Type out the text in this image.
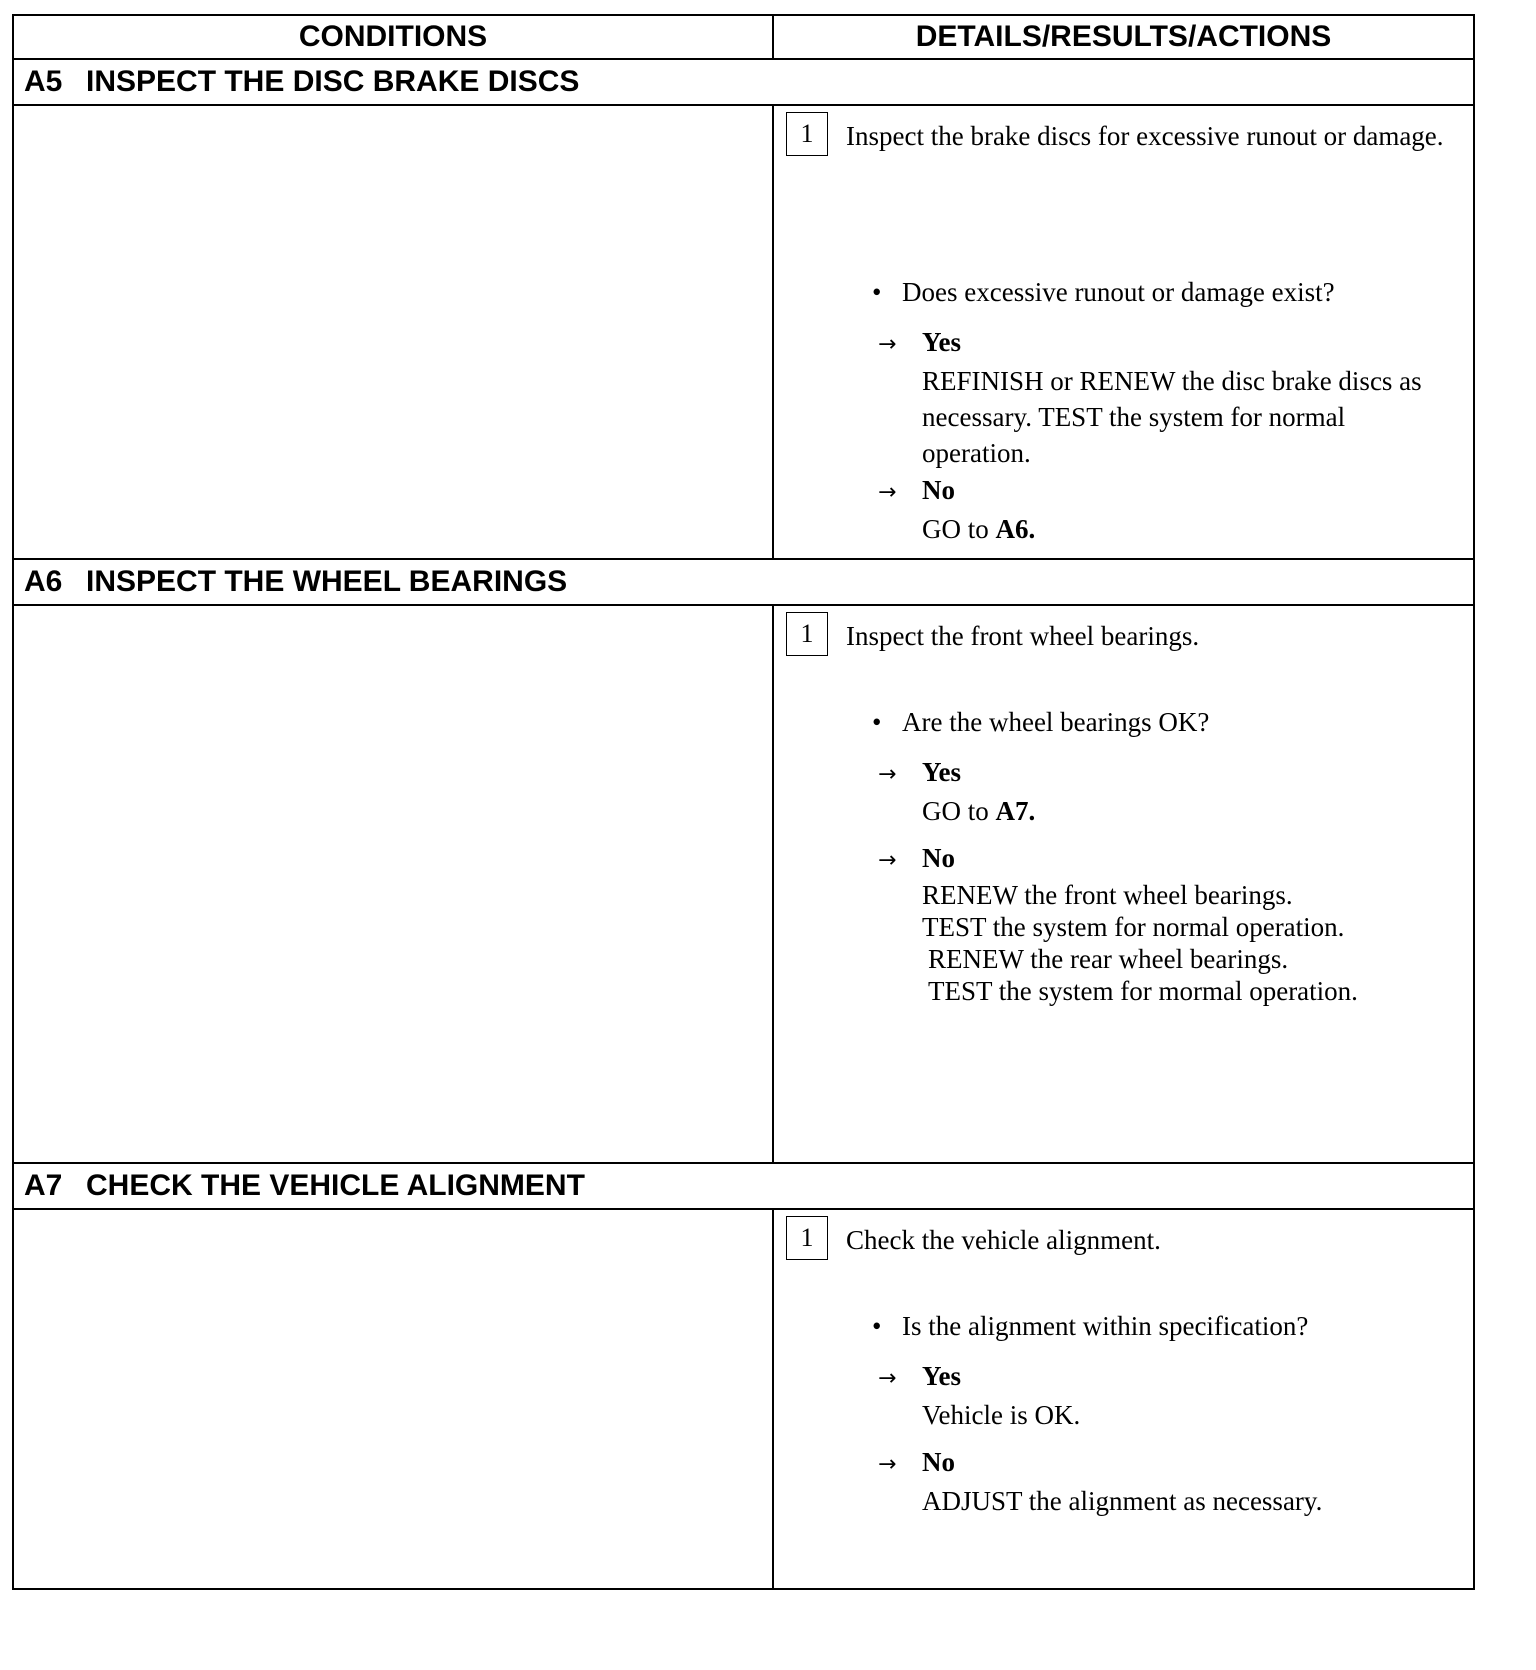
CONDITIONS	DETAILS/RESULTS/ACTIONS
A5 INSPECT THE DISC BRAKE DISCS
1	Inspect the brake discs for excessive runout or damage.
• Does excessive runout or damage exist?
→ Yes
REFINISH or RENEW the disc brake discs as necessary. TEST the system for normal operation.
→ No
GO to A6.
A6 INSPECT THE WHEEL BEARINGS
1	Inspect the front wheel bearings.
• Are the wheel bearings OK?
→ Yes
GO to A7.
→ No
RENEW the front wheel bearings.
TEST the system for normal operation.
RENEW the rear wheel bearings.
TEST the system for mormal operation.
A7 CHECK THE VEHICLE ALIGNMENT
1	Check the vehicle alignment.
• Is the alignment within specification?
→ Yes
Vehicle is OK.
→ No
ADJUST the alignment as necessary.
